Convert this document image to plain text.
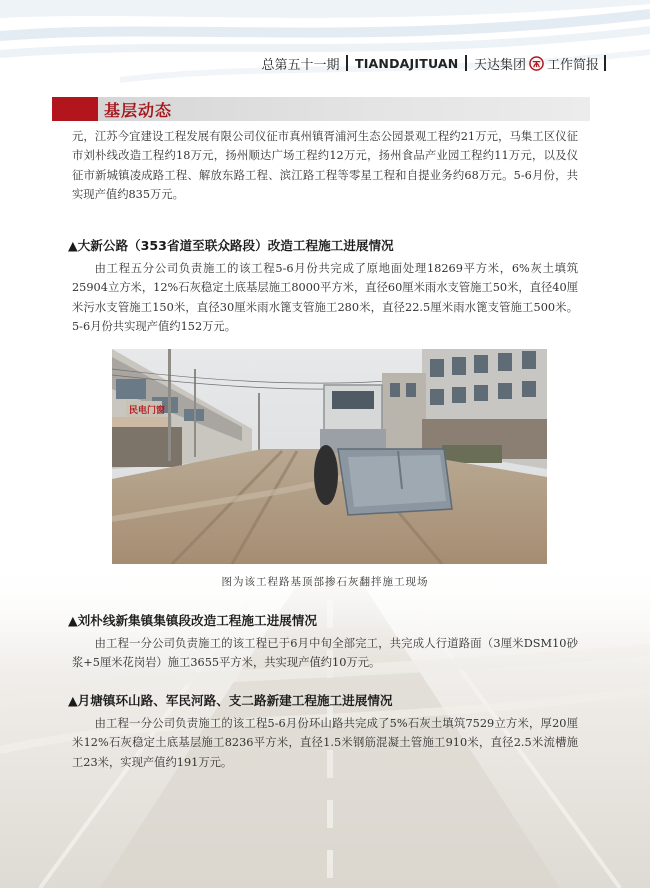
总第五十一期 TIANDAJITUAN 天达集团 工作简报
基层动态

元，江苏今宜建设工程发展有限公司仪征市真州镇胥浦河生态公园景观工程约21万元，马集工区仪征市刘朴线改造工程约18万元，扬州顺达广场工程约12万元，扬州食品产业园工程约11万元，以及仪征市新城镇凌成路工程、解放东路工程、滨江路工程等零星工程和自提业务约68万元。5-6月份，共实现产值约835万元。

▲大新公路（353省道至联众路段）改造工程施工进展情况

由工程五分公司负责施工的该工程5-6月份共完成了原地面处理18269平方米，6%灰土填筑25904立方米，12%石灰稳定土底基层施工8000平方米，直径60厘米雨水支管施工50米，直径40厘米污水支管施工150米，直径30厘米雨水篦支管施工280米，直径22.5厘米雨水篦支管施工500米。5-6月份共实现产值约152万元。

民电门窗
图为该工程路基顶部掺石灰翻拌施工现场

▲刘朴线新集镇集镇段改造工程施工进展情况

由工程一分公司负责施工的该工程已于6月中旬全部完工，共完成人行道路面（3厘米DSM10砂浆+5厘米花岗岩）施工3655平方米，共实现产值约10万元。

▲月塘镇环山路、军民河路、支二路新建工程施工进展情况

由工程一分公司负责施工的该工程5-6月份环山路共完成了5%石灰土填筑7529立方米，厚20厘米12%石灰稳定土底基层施工8236平方米，直径1.5米钢筋混凝土管施工910米，直径2.5米流槽施工23米，实现产值约191万元。
